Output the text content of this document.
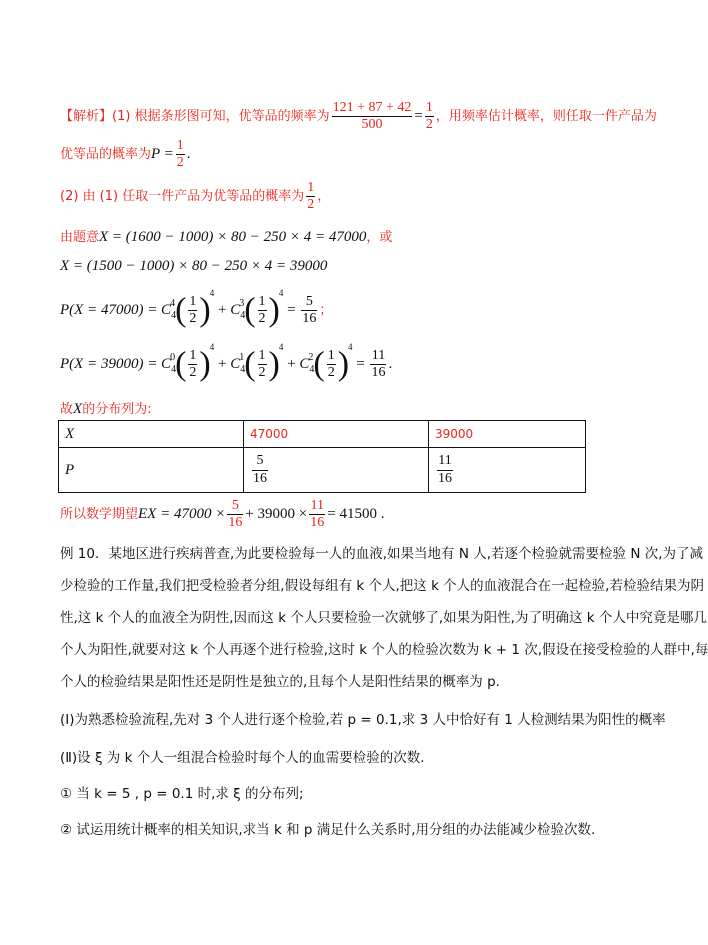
【解析】(1) 根据条形图可知，优等品的频率为 $\frac{121 + 87 + 42}{500} = \frac{1}{2}$ ，用频率估计概率，则任取一件产品为
优等品的概率为$P = \frac{1}{2}$ .
(2) 由 (1) 任取一件产品为优等品的概率为 $\frac{1}{2}$ ，
由题意X = (1600 − 1000) × 80 − 250 × 4 = 47000，或
X = (1500 − 1000) × 80 − 250 × 4 = 39000
$P(X = 47000) = C_4^4( \frac{1}{2} )^4 + C_4^3( \frac{1}{2} )^4 = \frac{5}{16}$ ；
$P(X = 39000) = C_4^0( \frac{1}{2} )^4 + C_4^1( \frac{1}{2} )^4 + C_4^2( \frac{1}{2} )^4 = \frac{11}{16}$ .
故X的分布列为:
X	47000	39000
P	$\frac{5}{16}$	$\frac{11}{16}$
所以数学期望EX = $47000 \times \frac{5}{16} + 39000 \times \frac{11}{16} = 41500$ .
例 10．某地区进行疾病普查,为此要检验每一人的血液,如果当地有 N 人,若逐个检验就需要检验 N 次,为了减
少检验的工作量,我们把受检验者分组,假设每组有 k 个人,把这 k 个人的血液混合在一起检验,若检验结果为阴
性,这 k 个人的血液全为阴性,因而这 k 个人只要检验一次就够了,如果为阳性,为了明确这 k 个人中究竟是哪几
个人为阳性,就要对这 k 个人再逐个进行检验,这时 k 个人的检验次数为 k + 1 次,假设在接受检验的人群中,每
个人的检验结果是阳性还是阴性是独立的,且每个人是阳性结果的概率为 p.
(Ⅰ)为熟悉检验流程,先对 3 个人进行逐个检验,若 p = 0.1,求 3 人中恰好有 1 人检测结果为阳性的概率
(Ⅱ)设 ξ 为 k 个人一组混合检验时每个人的血需要检验的次数.
① 当 k = 5 , p = 0.1 时,求 ξ 的分布列;
② 试运用统计概率的相关知识,求当 k 和 p 满足什么关系时,用分组的办法能减少检验次数.
